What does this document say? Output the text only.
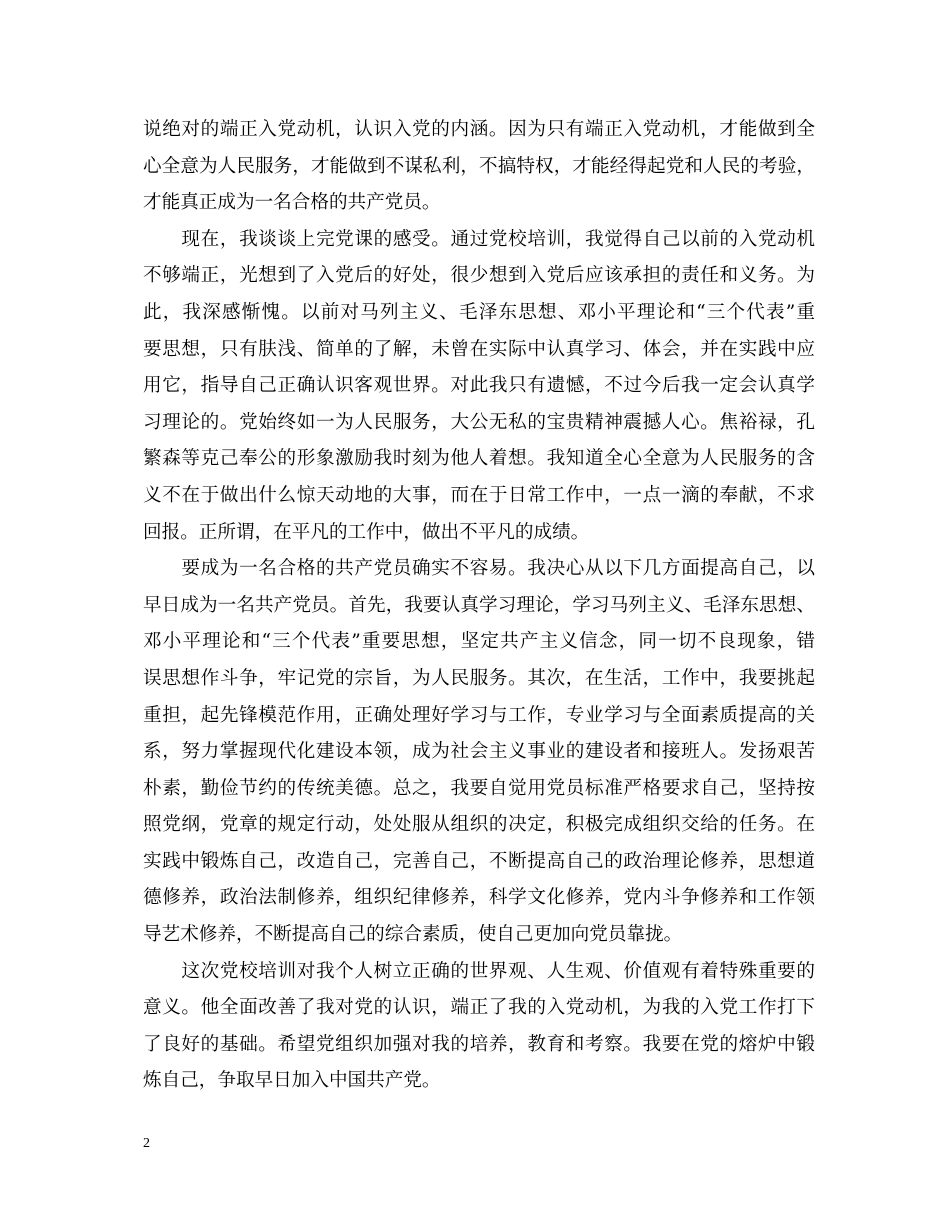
说绝对的端正入党动机，认识入党的内涵。因为只有端正入党动机，才能做到全
心全意为人民服务，才能做到不谋私利，不搞特权，才能经得起党和人民的考验，
才能真正成为一名合格的共产党员。
　　现在，我谈谈上完党课的感受。通过党校培训，我觉得自己以前的入党动机
不够端正，光想到了入党后的好处，很少想到入党后应该承担的责任和义务。为
此，我深感惭愧。以前对马列主义、毛泽东思想、邓小平理论和“三个代表”重
要思想，只有肤浅、简单的了解，未曾在实际中认真学习、体会，并在实践中应
用它，指导自己正确认识客观世界。对此我只有遗憾，不过今后我一定会认真学
习理论的。党始终如一为人民服务，大公无私的宝贵精神震撼人心。焦裕禄，孔
繁森等克己奉公的形象激励我时刻为他人着想。我知道全心全意为人民服务的含
义不在于做出什么惊天动地的大事，而在于日常工作中，一点一滴的奉献，不求
回报。正所谓，在平凡的工作中，做出不平凡的成绩。
　　要成为一名合格的共产党员确实不容易。我决心从以下几方面提高自己，以
早日成为一名共产党员。首先，我要认真学习理论，学习马列主义、毛泽东思想、
邓小平理论和“三个代表”重要思想，坚定共产主义信念，同一切不良现象，错
误思想作斗争，牢记党的宗旨，为人民服务。其次，在生活，工作中，我要挑起
重担，起先锋模范作用，正确处理好学习与工作，专业学习与全面素质提高的关
系，努力掌握现代化建设本领，成为社会主义事业的建设者和接班人。发扬艰苦
朴素，勤俭节约的传统美德。总之，我要自觉用党员标准严格要求自己，坚持按
照党纲，党章的规定行动，处处服从组织的决定，积极完成组织交给的任务。在
实践中锻炼自己，改造自己，完善自己，不断提高自己的政治理论修养，思想道
德修养，政治法制修养，组织纪律修养，科学文化修养，党内斗争修养和工作领
导艺术修养，不断提高自己的综合素质，使自己更加向党员靠拢。
　　这次党校培训对我个人树立正确的世界观、人生观、价值观有着特殊重要的
意义。他全面改善了我对党的认识，端正了我的入党动机，为我的入党工作打下
了良好的基础。希望党组织加强对我的培养，教育和考察。我要在党的熔炉中锻
炼自己，争取早日加入中国共产党。
2
